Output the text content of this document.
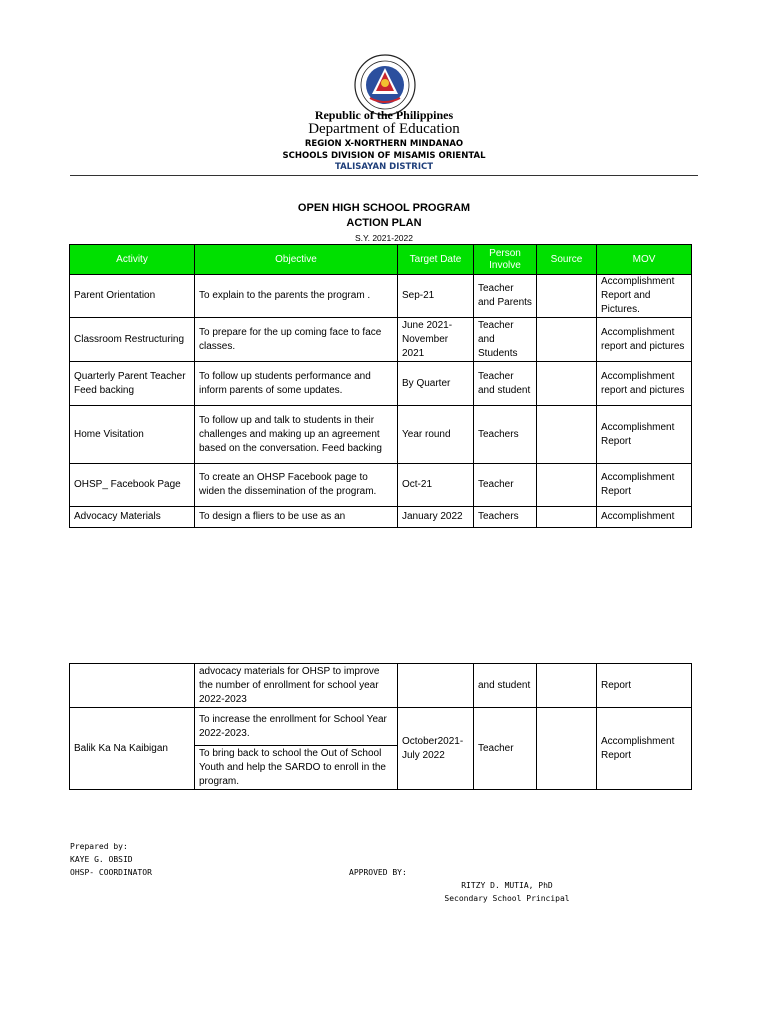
Republic of the Philippines
Department of Education
REGION X-NORTHERN MINDANAO
SCHOOLS DIVISION OF MISAMIS ORIENTAL
TALISAYAN DISTRICT
OPEN HIGH SCHOOL PROGRAM
ACTION PLAN
S.Y. 2021-2022
Activity	Objective	Target Date	Person Involve	Source	MOV
Parent Orientation	To explain to the parents the program .	Sep-21	Teacher and Parents		Accomplishment Report and Pictures.
Classroom Restructuring	To prepare for the up coming face to face classes.	June 2021-November 2021	Teacher and Students		Accomplishment report and pictures
Quarterly Parent Teacher Feed backing	To follow up students performance and inform parents of some updates.	By Quarter	Teacher and student		Accomplishment report and pictures
Home Visitation	To follow up and talk to students in their challenges and making up an agreement based on the conversation. Feed backing	Year round	Teachers		Accomplishment Report
OHSP_ Facebook Page	To create an OHSP Facebook page to widen the dissemination of the program.	Oct-21	Teacher		Accomplishment Report
Advocacy Materials	To design a fliers to be use as an	January 2022	Teachers		Accomplishment
	advocacy materials for OHSP to improve the number of enrollment for school year 2022-2023		and student		Report
Balik Ka Na Kaibigan	To increase the enrollment for School Year 2022-2023.	October2021-July 2022	Teacher		Accomplishment Report
	To bring back to school the Out of School Youth and help the SARDO to enroll in the program.				
Prepared by:
KAYE G. OBSID
OHSP- COORDINATOR	APPROVED BY:
RITZY D. MUTIA, PhD
Secondary School Principal
